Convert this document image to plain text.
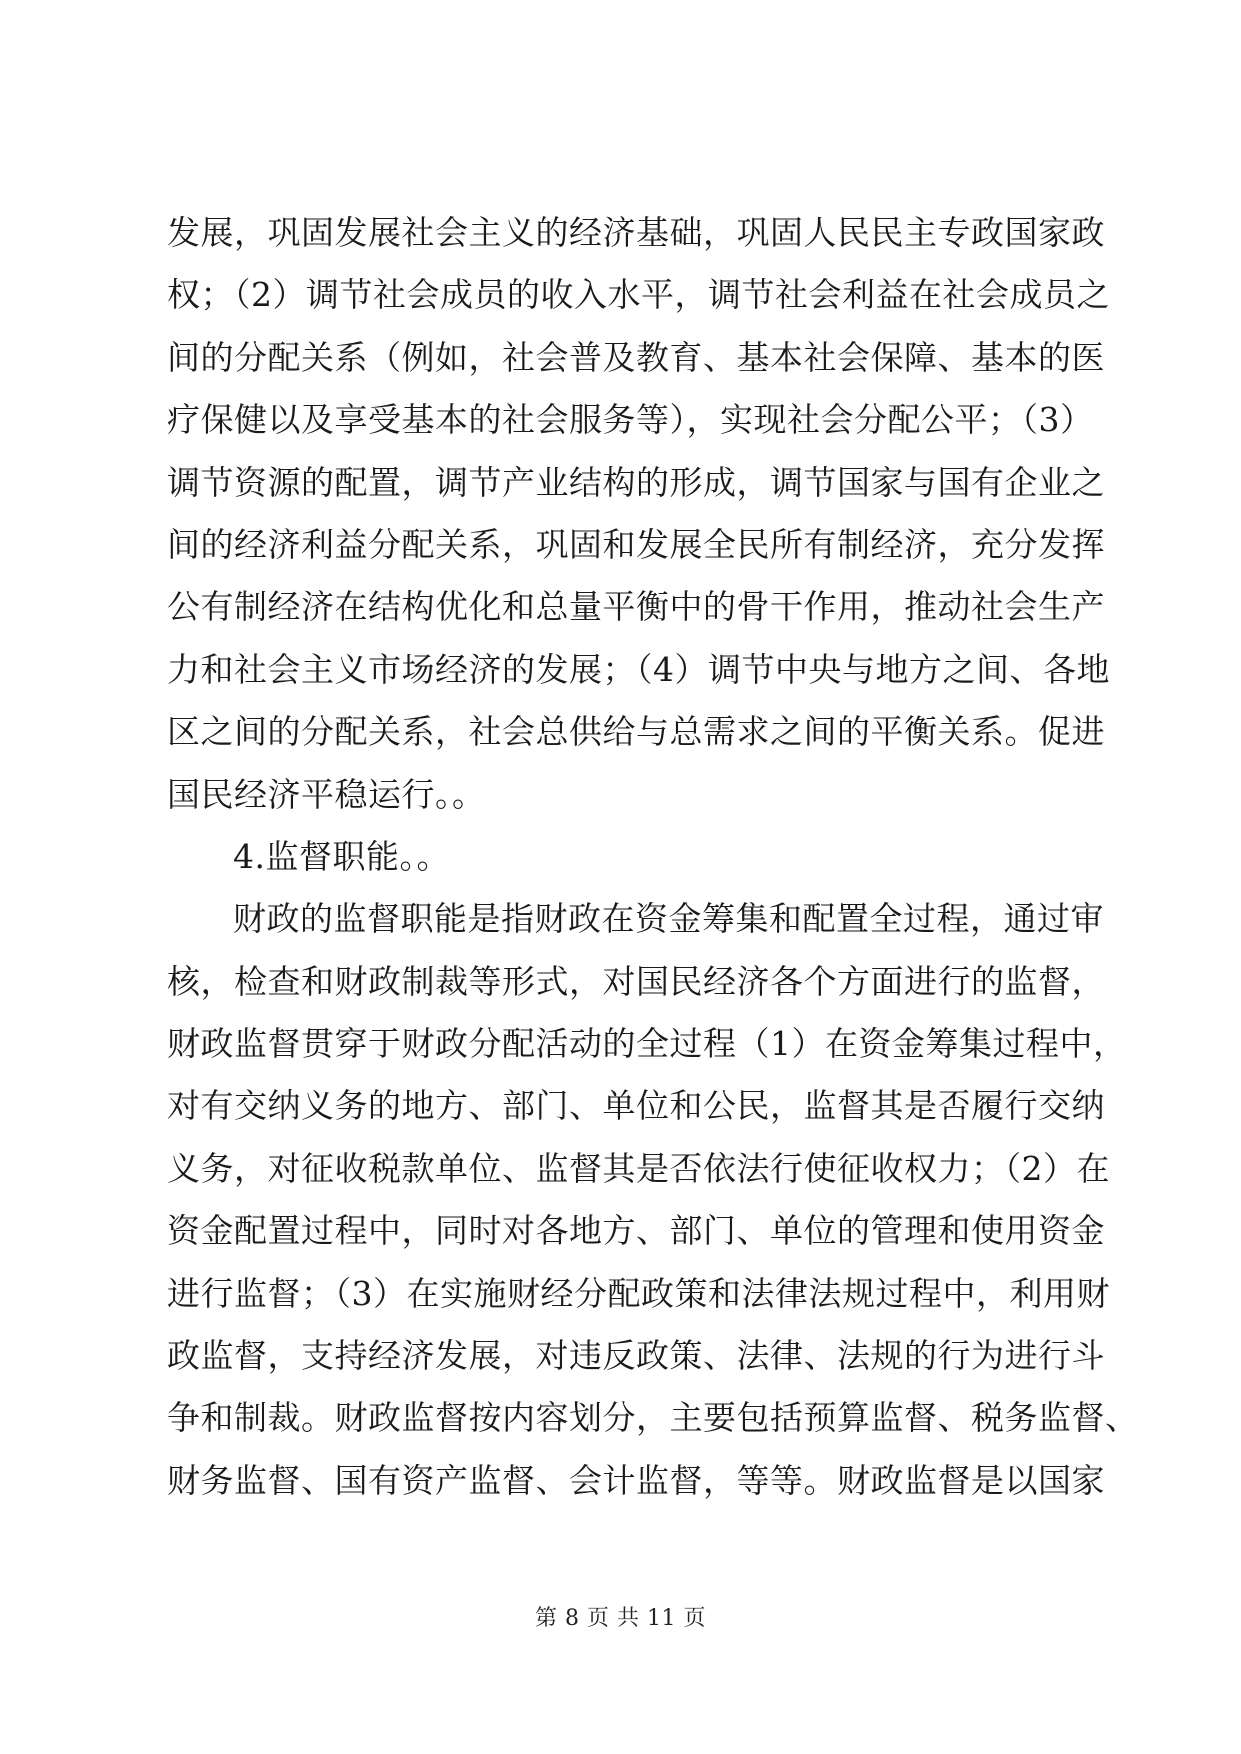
发展，巩固发展社会主义的经济基础，巩固人民民主专政国家政
权；（2）调节社会成员的收入水平，调节社会利益在社会成员之
间的分配关系（例如，社会普及教育、基本社会保障、基本的医
疗保健以及享受基本的社会服务等），实现社会分配公平；（3）
调节资源的配置，调节产业结构的形成，调节国家与国有企业之
间的经济利益分配关系，巩固和发展全民所有制经济，充分发挥
公有制经济在结构优化和总量平衡中的骨干作用，推动社会生产
力和社会主义市场经济的发展；（4）调节中央与地方之间、各地
区之间的分配关系，社会总供给与总需求之间的平衡关系。促进
国民经济平稳运行。。
4.监督职能。。
财政的监督职能是指财政在资金筹集和配置全过程，通过审
核，检查和财政制裁等形式，对国民经济各个方面进行的监督，
财政监督贯穿于财政分配活动的全过程（1）在资金筹集过程中，
对有交纳义务的地方、部门、单位和公民，监督其是否履行交纳
义务，对征收税款单位、监督其是否依法行使征收权力；（2）在
资金配置过程中，同时对各地方、部门、单位的管理和使用资金
进行监督；（3）在实施财经分配政策和法律法规过程中，利用财
政监督，支持经济发展，对违反政策、法律、法规的行为进行斗
争和制裁。财政监督按内容划分，主要包括预算监督、税务监督、
财务监督、国有资产监督、会计监督，等等。财政监督是以国家
第 8 页 共 11 页
